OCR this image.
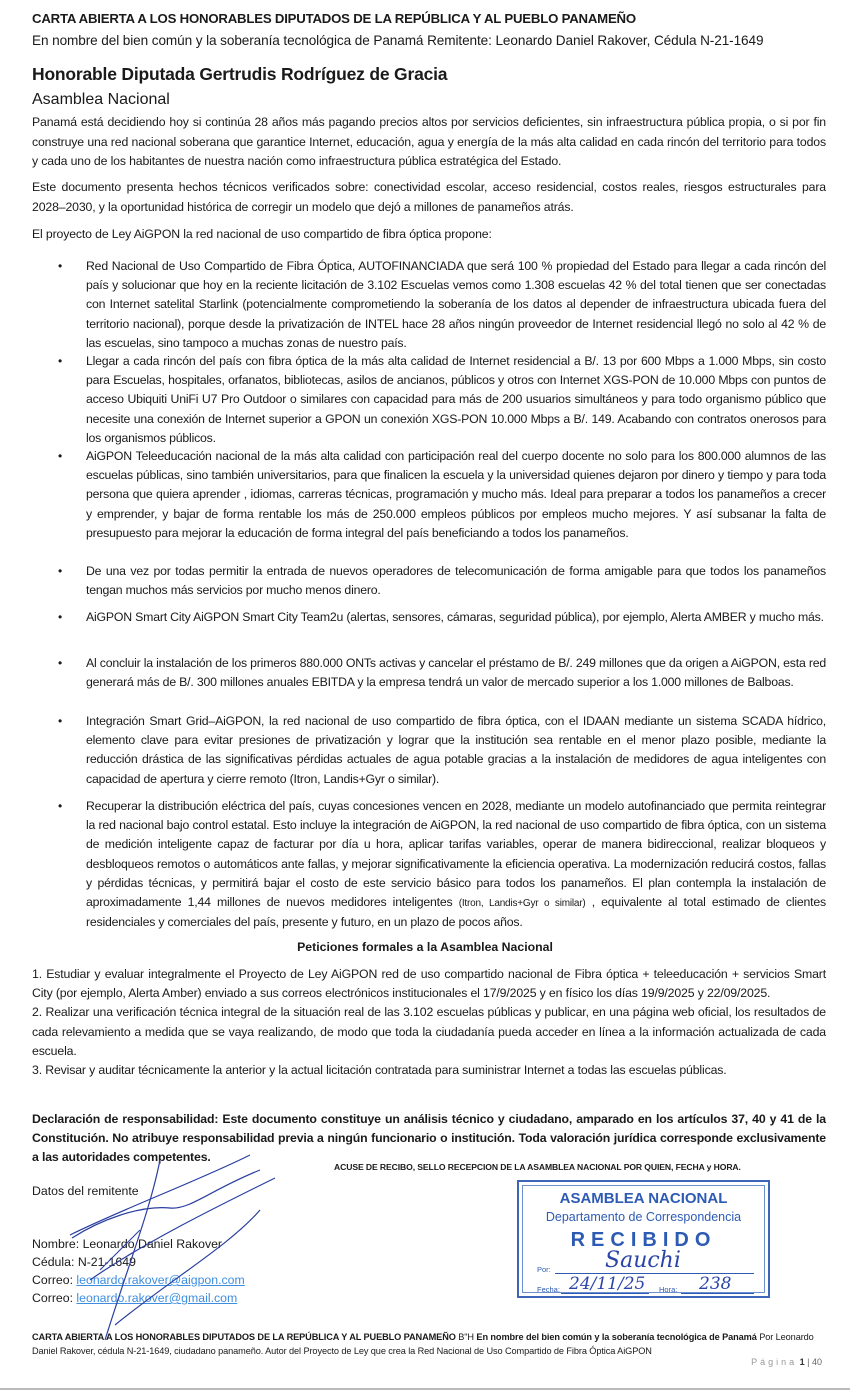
CARTA ABIERTA A LOS HONORABLES DIPUTADOS DE LA REPÚBLICA Y AL PUEBLO PANAMEÑO
En nombre del bien común y la soberanía tecnológica de Panamá Remitente: Leonardo Daniel Rakover, Cédula N-21-1649
Honorable Diputada Gertrudis Rodríguez de Gracia
Asamblea Nacional

Panamá está decidiendo hoy si continúa 28 años más pagando precios altos por servicios deficientes, sin infraestructura pública propia, o si por fin construye una red nacional soberana que garantice Internet, educación, agua y energía de la más alta calidad en cada rincón del territorio para todos y cada uno de los habitantes de nuestra nación como infraestructura pública estratégica del Estado.

Este documento presenta hechos técnicos verificados sobre: conectividad escolar, acceso residencial, costos reales, riesgos estructurales para 2028–2030, y la oportunidad histórica de corregir un modelo que dejó a millones de panameños atrás.

El proyecto de Ley AiGPON la red nacional de uso compartido de fibra óptica propone:

• Red Nacional de Uso Compartido de Fibra Óptica, AUTOFINANCIADA que será 100 % propiedad del Estado para llegar a cada rincón del país y solucionar que hoy en la reciente licitación de 3.102 Escuelas vemos como 1.308 escuelas 42 % del total tienen que ser conectadas con Internet satelital Starlink (potencialmente comprometiendo la soberanía de los datos al depender de infraestructura ubicada fuera del territorio nacional), porque desde la privatización de INTEL hace 28 años ningún proveedor de Internet residencial llegó no solo al 42 % de las escuelas, sino tampoco a muchas zonas de nuestro país.
• Llegar a cada rincón del país con fibra óptica de la más alta calidad de Internet residencial a B/. 13 por 600 Mbps a 1.000 Mbps, sin costo para Escuelas, hospitales, orfanatos, bibliotecas, asilos de ancianos, públicos y otros con Internet XGS-PON de 10.000 Mbps con puntos de acceso Ubiquiti UniFi U7 Pro Outdoor o similares con capacidad para más de 200 usuarios simultáneos y para todo organismo público que necesite una conexión de Internet superior a GPON un conexión XGS-PON 10.000 Mbps a B/. 149. Acabando con contratos onerosos para los organismos públicos.
• AiGPON Teleeducación nacional de la más alta calidad con participación real del cuerpo docente no solo para los 800.000 alumnos de las escuelas públicas, sino también universitarios, para que finalicen la escuela y la universidad quienes dejaron por dinero y tiempo y para toda persona que quiera aprender , idiomas, carreras técnicas, programación y mucho más. Ideal para preparar a todos los panameños a crecer y emprender, y bajar de forma rentable los más de 250.000 empleos públicos por empleos mucho mejores. Y así subsanar la falta de presupuesto para mejorar la educación de forma integral del país beneficiando a todos los panameños.
• De una vez por todas permitir la entrada de nuevos operadores de telecomunicación de forma amigable para que todos los panameños tengan muchos más servicios por mucho menos dinero.
• AiGPON Smart City AiGPON Smart City Team2u (alertas, sensores, cámaras, seguridad pública), por ejemplo, Alerta AMBER y mucho más.
• Al concluir la instalación de los primeros 880.000 ONTs activas y cancelar el préstamo de B/. 249 millones que da origen a AiGPON, esta red generará más de B/. 300 millones anuales EBITDA y la empresa tendrá un valor de mercado superior a los 1.000 millones de Balboas.
• Integración Smart Grid–AiGPON, la red nacional de uso compartido de fibra óptica, con el IDAAN mediante un sistema SCADA hídrico, elemento clave para evitar presiones de privatización y lograr que la institución sea rentable en el menor plazo posible, mediante la reducción drástica de las significativas pérdidas actuales de agua potable gracias a la instalación de medidores de agua inteligentes con capacidad de apertura y cierre remoto (Itron, Landis+Gyr o similar).
• Recuperar la distribución eléctrica del país, cuyas concesiones vencen en 2028, mediante un modelo autofinanciado que permita reintegrar la red nacional bajo control estatal. Esto incluye la integración de AiGPON, la red nacional de uso compartido de fibra óptica, con un sistema de medición inteligente capaz de facturar por día u hora, aplicar tarifas variables, operar de manera bidireccional, realizar bloqueos y desbloqueos remotos o automáticos ante fallas, y mejorar significativamente la eficiencia operativa. La modernización reducirá costos, fallas y pérdidas técnicas, y permitirá bajar el costo de este servicio básico para todos los panameños. El plan contempla la instalación de aproximadamente 1,44 millones de nuevos medidores inteligentes (Itron, Landis+Gyr o similar) , equivalente al total estimado de clientes residenciales y comerciales del país, presente y futuro, en un plazo de pocos años.
Peticiones formales a la Asamblea Nacional

1. Estudiar y evaluar integralmente el Proyecto de Ley AiGPON red de uso compartido nacional de Fibra óptica + teleeducación + servicios Smart City (por ejemplo, Alerta Amber) enviado a sus correos electrónicos institucionales el 17/9/2025 y en físico los días 19/9/2025 y 22/09/2025.

2. Realizar una verificación técnica integral de la situación real de las 3.102 escuelas públicas y publicar, en una página web oficial, los resultados de cada relevamiento a medida que se vaya realizando, de modo que toda la ciudadanía pueda acceder en línea a la información actualizada de cada escuela.

3. Revisar y auditar técnicamente la anterior y la actual licitación contratada para suministrar Internet a todas las escuelas públicas.

Declaración de responsabilidad: Este documento constituye un análisis técnico y ciudadano, amparado en los artículos 37, 40 y 41 de la Constitución. No atribuye responsabilidad previa a ningún funcionario o institución. Toda valoración jurídica corresponde exclusivamente a las autoridades competentes.
Datos del remitente
Nombre: Leonardo Daniel Rakover
Cédula: N-21-1649
Correo: leonardo.rakover@aigpon.com
Correo: leonardo.rakover@gmail.com
ACUSE DE RECIBO, SELLO RECEPCION DE LA ASAMBLEA NACIONAL POR QUIEN, FECHA y HORA.
ASAMBLEA NACIONAL
Departamento de Correspondencia
RECIBIDO
Por: Sauchi
Fecha: 24/11/25 Hora: 238
CARTA ABIERTA A LOS HONORABLES DIPUTADOS DE LA REPÚBLICA Y AL PUEBLO PANAMEÑO B"H En nombre del bien común y la soberanía tecnológica de Panamá Por Leonardo Daniel Rakover, cédula N-21-1649, ciudadano panameño. Autor del Proyecto de Ley que crea la Red Nacional de Uso Compartido de Fibra Óptica AiGPON
Página 1 | 40
